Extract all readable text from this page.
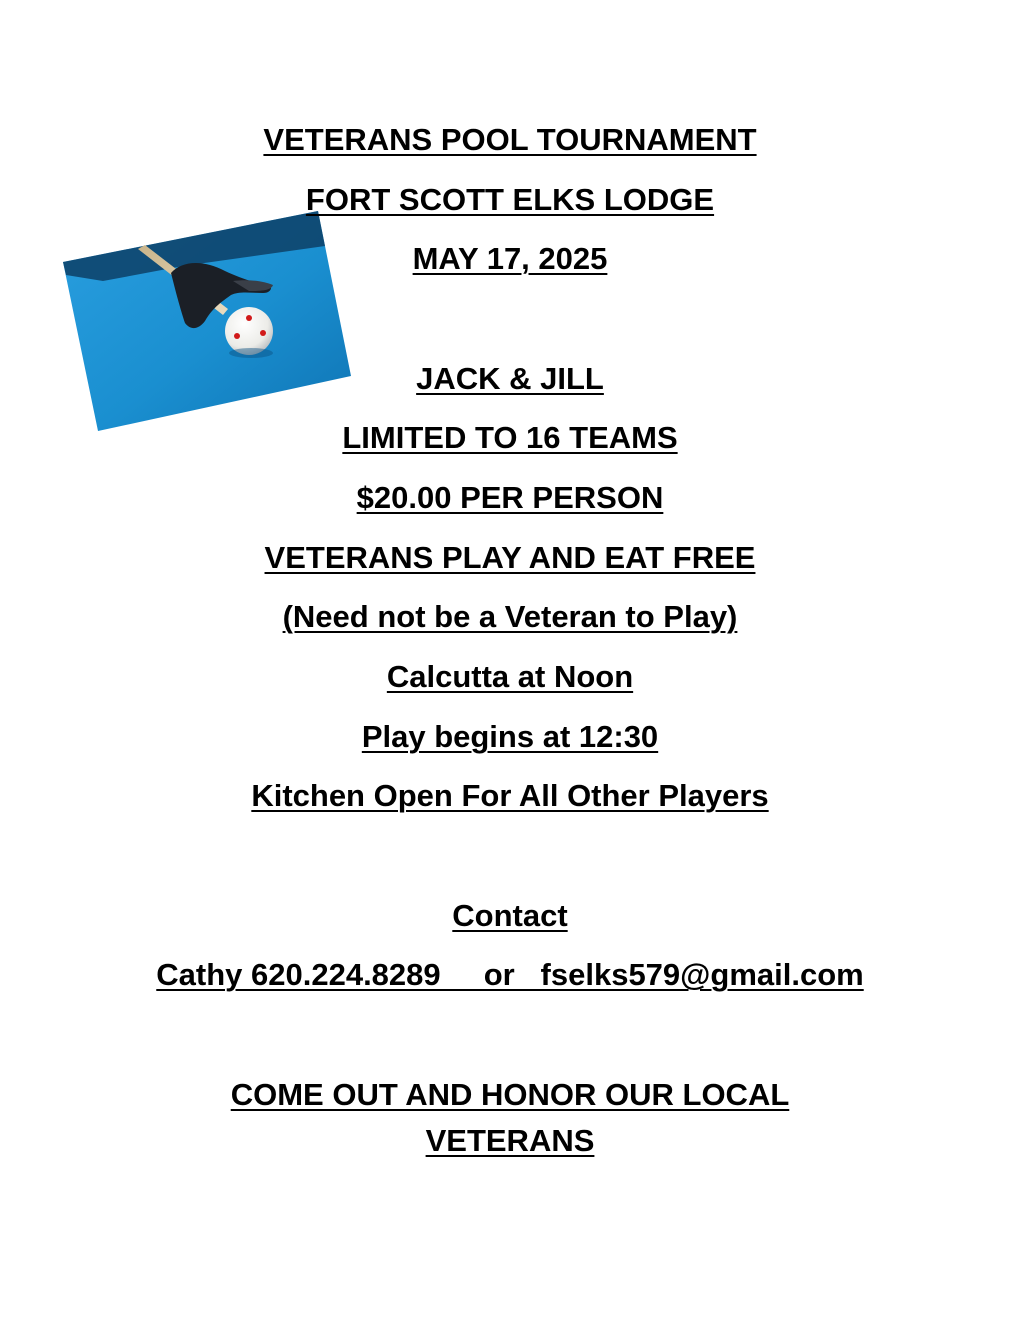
VETERANS POOL TOURNAMENT

FORT SCOTT ELKS LODGE

MAY 17, 2025

JACK & JILL

LIMITED TO 16 TEAMS

$20.00 PER PERSON

VETERANS PLAY AND EAT FREE

(Need not be a Veteran to Play)

Calcutta at Noon

Play begins at 12:30

Kitchen Open For All Other Players

Contact

Cathy 620.224.8289     or   fselks579@gmail.com

COME OUT AND HONOR OUR LOCAL

VETERANS
